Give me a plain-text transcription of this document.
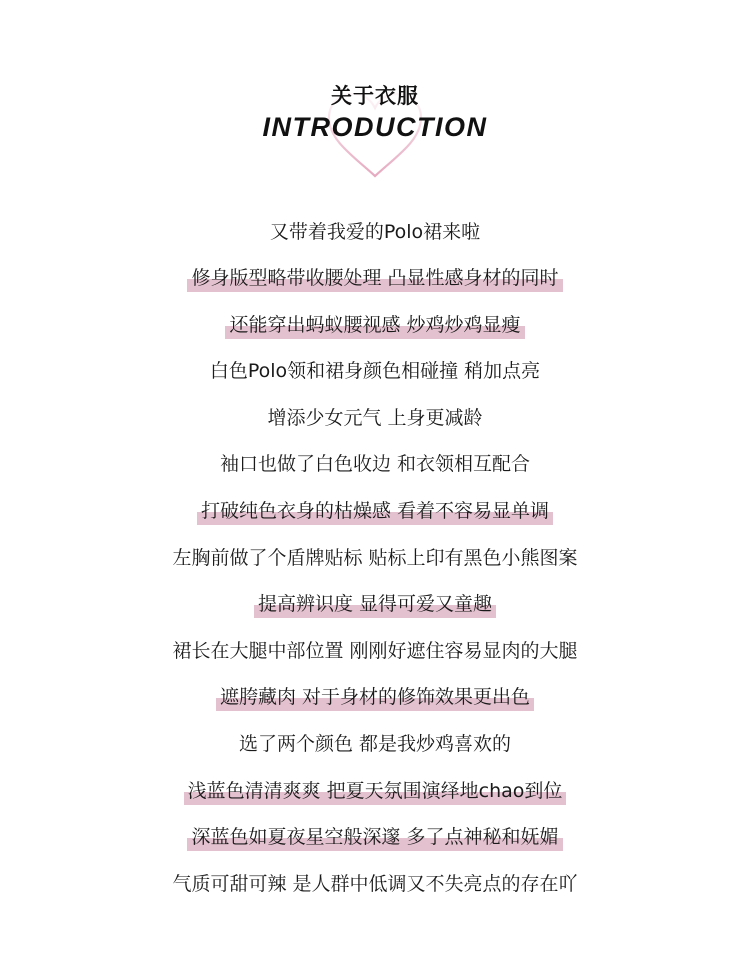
关于衣服
INTRODUCTION
又带着我爱的Polo裙来啦
修身版型略带收腰处理 凸显性感身材的同时
还能穿出蚂蚁腰视感 炒鸡炒鸡显瘦
白色Polo领和裙身颜色相碰撞 稍加点亮
增添少女元气 上身更减龄
袖口也做了白色收边 和衣领相互配合
打破纯色衣身的枯燥感 看着不容易显单调
左胸前做了个盾牌贴标 贴标上印有黑色小熊图案
提高辨识度 显得可爱又童趣
裙长在大腿中部位置 刚刚好遮住容易显肉的大腿
遮胯藏肉 对于身材的修饰效果更出色
选了两个颜色 都是我炒鸡喜欢的
浅蓝色清清爽爽 把夏天氛围演绎地chao到位
深蓝色如夏夜星空般深邃 多了点神秘和妩媚
气质可甜可辣 是人群中低调又不失亮点的存在吖
